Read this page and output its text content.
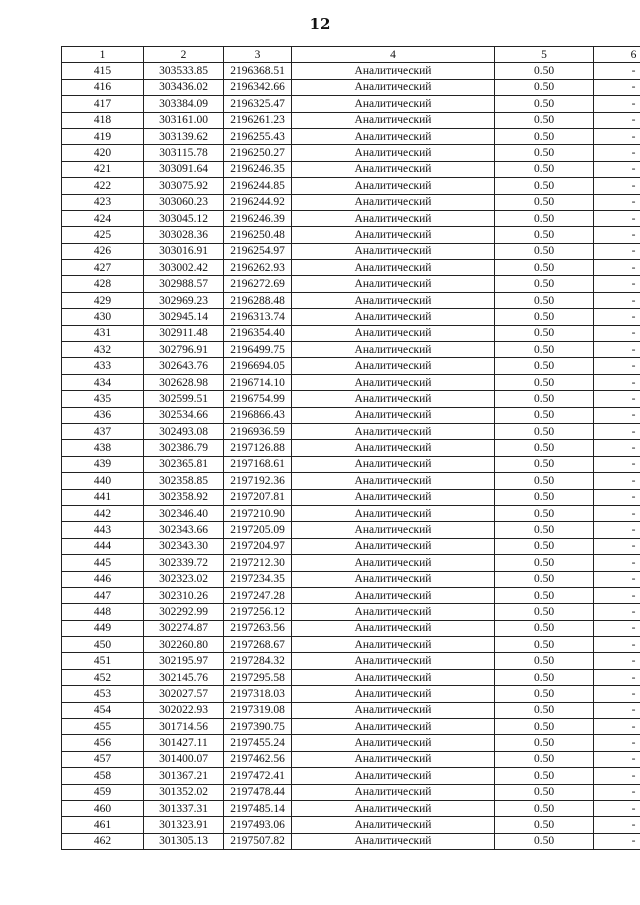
12
1	2	3	4	5	6
415	303533.85	2196368.51	Аналитический	0.50	-
416	303436.02	2196342.66	Аналитический	0.50	-
417	303384.09	2196325.47	Аналитический	0.50	-
418	303161.00	2196261.23	Аналитический	0.50	-
419	303139.62	2196255.43	Аналитический	0.50	-
420	303115.78	2196250.27	Аналитический	0.50	-
421	303091.64	2196246.35	Аналитический	0.50	-
422	303075.92	2196244.85	Аналитический	0.50	-
423	303060.23	2196244.92	Аналитический	0.50	-
424	303045.12	2196246.39	Аналитический	0.50	-
425	303028.36	2196250.48	Аналитический	0.50	-
426	303016.91	2196254.97	Аналитический	0.50	-
427	303002.42	2196262.93	Аналитический	0.50	-
428	302988.57	2196272.69	Аналитический	0.50	-
429	302969.23	2196288.48	Аналитический	0.50	-
430	302945.14	2196313.74	Аналитический	0.50	-
431	302911.48	2196354.40	Аналитический	0.50	-
432	302796.91	2196499.75	Аналитический	0.50	-
433	302643.76	2196694.05	Аналитический	0.50	-
434	302628.98	2196714.10	Аналитический	0.50	-
435	302599.51	2196754.99	Аналитический	0.50	-
436	302534.66	2196866.43	Аналитический	0.50	-
437	302493.08	2196936.59	Аналитический	0.50	-
438	302386.79	2197126.88	Аналитический	0.50	-
439	302365.81	2197168.61	Аналитический	0.50	-
440	302358.85	2197192.36	Аналитический	0.50	-
441	302358.92	2197207.81	Аналитический	0.50	-
442	302346.40	2197210.90	Аналитический	0.50	-
443	302343.66	2197205.09	Аналитический	0.50	-
444	302343.30	2197204.97	Аналитический	0.50	-
445	302339.72	2197212.30	Аналитический	0.50	-
446	302323.02	2197234.35	Аналитический	0.50	-
447	302310.26	2197247.28	Аналитический	0.50	-
448	302292.99	2197256.12	Аналитический	0.50	-
449	302274.87	2197263.56	Аналитический	0.50	-
450	302260.80	2197268.67	Аналитический	0.50	-
451	302195.97	2197284.32	Аналитический	0.50	-
452	302145.76	2197295.58	Аналитический	0.50	-
453	302027.57	2197318.03	Аналитический	0.50	-
454	302022.93	2197319.08	Аналитический	0.50	-
455	301714.56	2197390.75	Аналитический	0.50	-
456	301427.11	2197455.24	Аналитический	0.50	-
457	301400.07	2197462.56	Аналитический	0.50	-
458	301367.21	2197472.41	Аналитический	0.50	-
459	301352.02	2197478.44	Аналитический	0.50	-
460	301337.31	2197485.14	Аналитический	0.50	-
461	301323.91	2197493.06	Аналитический	0.50	-
462	301305.13	2197507.82	Аналитический	0.50	-
